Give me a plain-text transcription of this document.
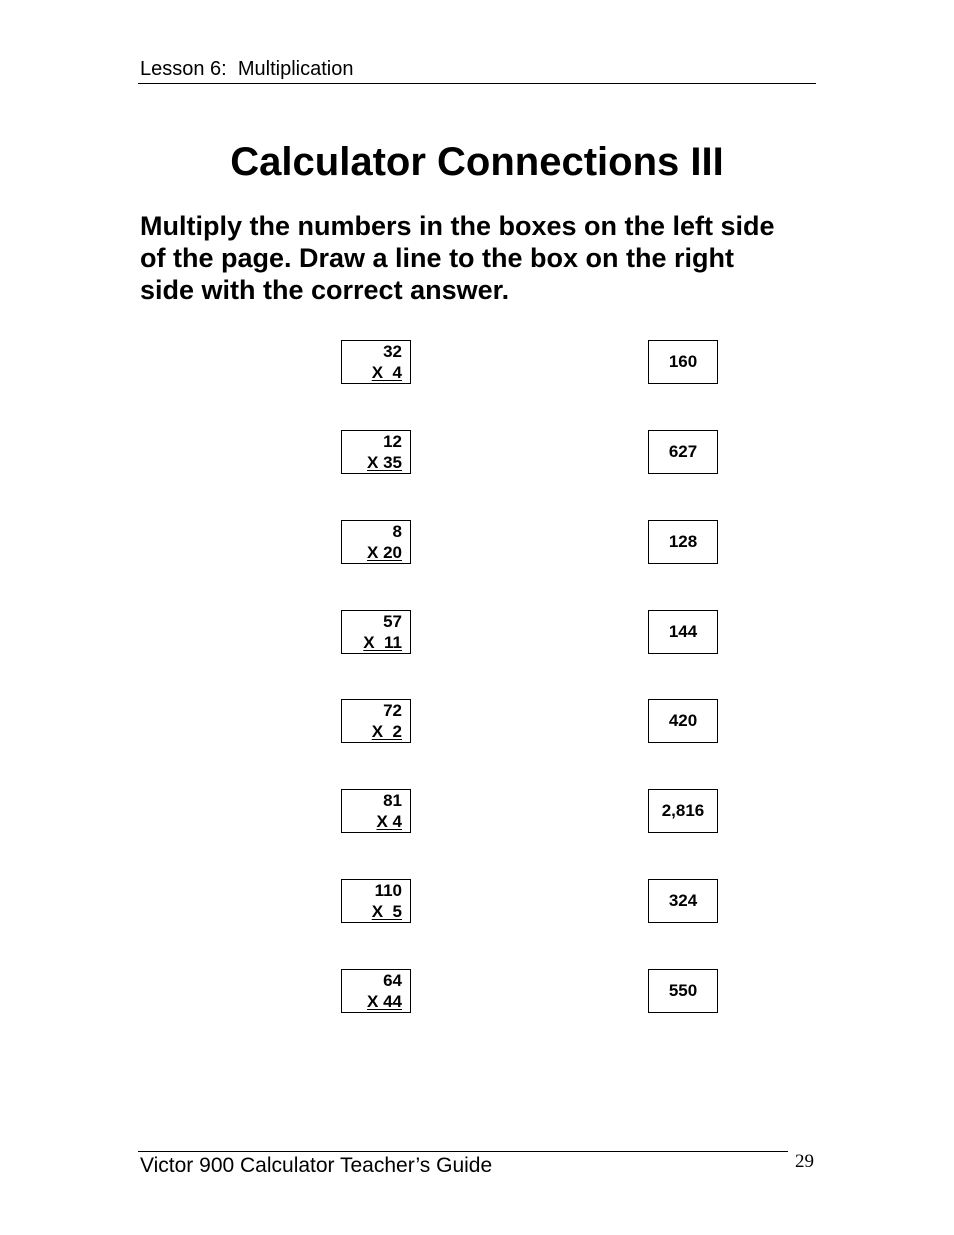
Lesson 6:  Multiplication
Calculator Connections III
Multiply the numbers in the boxes on the left side
of the page. Draw a line to the box on the right
side with the correct answer.
32
X  4
12
X 35
8
X 20
57
X  11
72
X  2
81
X 4
110
X  5
64
X 44
160
627
128
144
420
2,816
324
550
Victor 900 Calculator Teacher’s Guide	29
